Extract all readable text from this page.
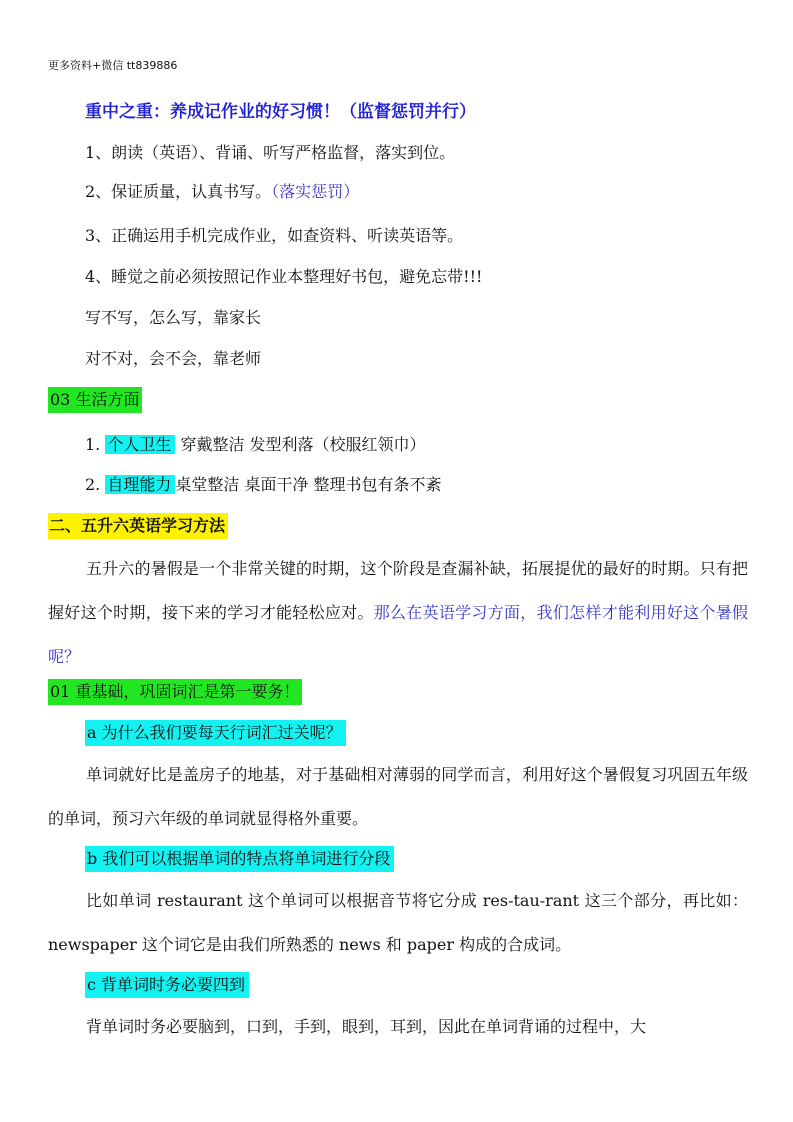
更多资料+微信 tt839886
重中之重：养成记作业的好习惯！（监督惩罚并行）
1、朗读（英语）、背诵、听写严格监督，落实到位。
2、保证质量，认真书写。（落实惩罚）
3、正确运用手机完成作业，如查资料、听读英语等。
4、睡觉之前必须按照记作业本整理好书包，避免忘带!!!
写不写，怎么写，靠家长
对不对，会不会，靠老师
03 生活方面
1. 个人卫生 穿戴整洁 发型利落（校服红领巾）
2. 自理能力 桌堂整洁 桌面干净 整理书包有条不紊
二、五升六英语学习方法
五升六的暑假是一个非常关键的时期，这个阶段是查漏补缺，拓展提优的最好的时期。只有把握好这个时期，接下来的学习才能轻松应对。那么在英语学习方面，我们怎样才能利用好这个暑假呢？
01 重基础，巩固词汇是第一要务！
a 为什么我们要每天行词汇过关呢？
单词就好比是盖房子的地基，对于基础相对薄弱的同学而言，利用好这个暑假复习巩固五年级的单词，预习六年级的单词就显得格外重要。
b 我们可以根据单词的特点将单词进行分段
比如单词 restaurant 这个单词可以根据音节将它分成 res-tau-rant 这三个部分，再比如：newspaper 这个词它是由我们所熟悉的 news 和 paper 构成的合成词。
c 背单词时务必要四到
背单词时务必要脑到，口到，手到，眼到，耳到，因此在单词背诵的过程中，大
